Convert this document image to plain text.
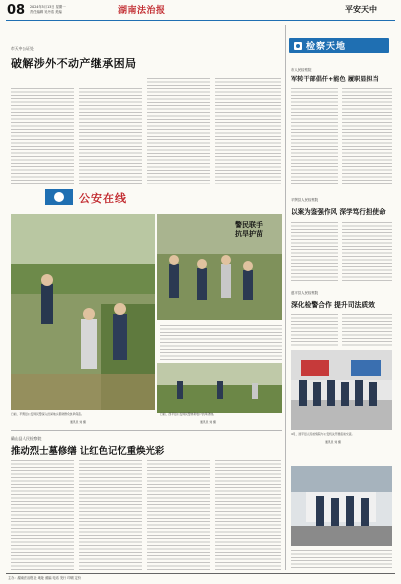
08 2024年5月13日 星期一
责任编辑 吴丹浩 美编	湖南法治报	平安天中
市天中公证处
破解涉外不动产继承困局
检察天地
市人民检察院
军转干部倡仟+能色 履职显担当
公安在线	平舆县人民检察院
以案为鉴强作风 深学笃行担使命
警民联手
抗旱护苗
日前，平舆县公安局民警深入田间地头帮助群众抗旱保苗。
通讯员 刘 摄
日前，西平县公安局民警协助农户抗旱浇地。
通讯员 刘 摄
遂平县人民检察院
深化检警合作 提升司法质效
4月，遂平县人民检察院与公安机关开展座谈交流。
通讯员 刘 摄
确山县人民检察院
推动烈士墓修缮 让红色记忆重焕光彩
主办：湖南法治报社 地址 邮编 电话 发行 印刷 定价
